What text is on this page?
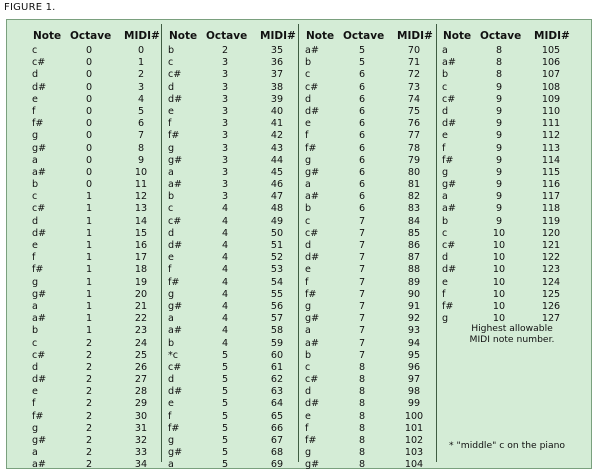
FIGURE 1.
Note Octave MIDI#
c	0	0
c#	0	1
d	0	2
d#	0	3
e	0	4
f	0	5
f#	0	6
g	0	7
g#	0	8
a	0	9
a#	0	10
b	0	11
c	1	12
c#	1	13
d	1	14
d#	1	15
e	1	16
f	1	17
f#	1	18
g	1	19
g#	1	20
a	1	21
a#	1	22
b	1	23
c	2	24
c#	2	25
d	2	26
d#	2	27
e	2	28
f	2	29
f#	2	30
g	2	31
g#	2	32
a	2	33
a#	2	34
Note Octave MIDI#
b	2	35
c	3	36
c#	3	37
d	3	38
d#	3	39
e	3	40
f	3	41
f#	3	42
g	3	43
g#	3	44
a	3	45
a#	3	46
b	3	47
c	4	48
c#	4	49
d	4	50
d#	4	51
e	4	52
f	4	53
f#	4	54
g	4	55
g#	4	56
a	4	57
a#	4	58
b	4	59
*c	5	60
c#	5	61
d	5	62
d#	5	63
e	5	64
f	5	65
f#	5	66
g	5	67
g#	5	68
a	5	69
Note Octave MIDI#
a#	5	70
b	5	71
c	6	72
c#	6	73
d	6	74
d#	6	75
e	6	76
f	6	77
f#	6	78
g	6	79
g#	6	80
a	6	81
a#	6	82
b	6	83
c	7	84
c#	7	85
d	7	86
d#	7	87
e	7	88
f	7	89
f#	7	90
g	7	91
g#	7	92
a	7	93
a#	7	94
b	7	95
c	8	96
c#	8	97
d	8	98
d#	8	99
e	8	100
f	8	101
f#	8	102
g	8	103
g#	8	104
Note Octave MIDI#
a	8	105
a#	8	106
b	8	107
c	9	108
c#	9	109
d	9	110
d#	9	111
e	9	112
f	9	113
f#	9	114
g	9	115
g#	9	116
a	9	117
a#	9	118
b	9	119
c	10	120
c#	10	121
d	10	122
d#	10	123
e	10	124
f	10	125
f#	10	126
g	10	127
Highest allowable
MIDI note number.
* "middle" c on the piano
